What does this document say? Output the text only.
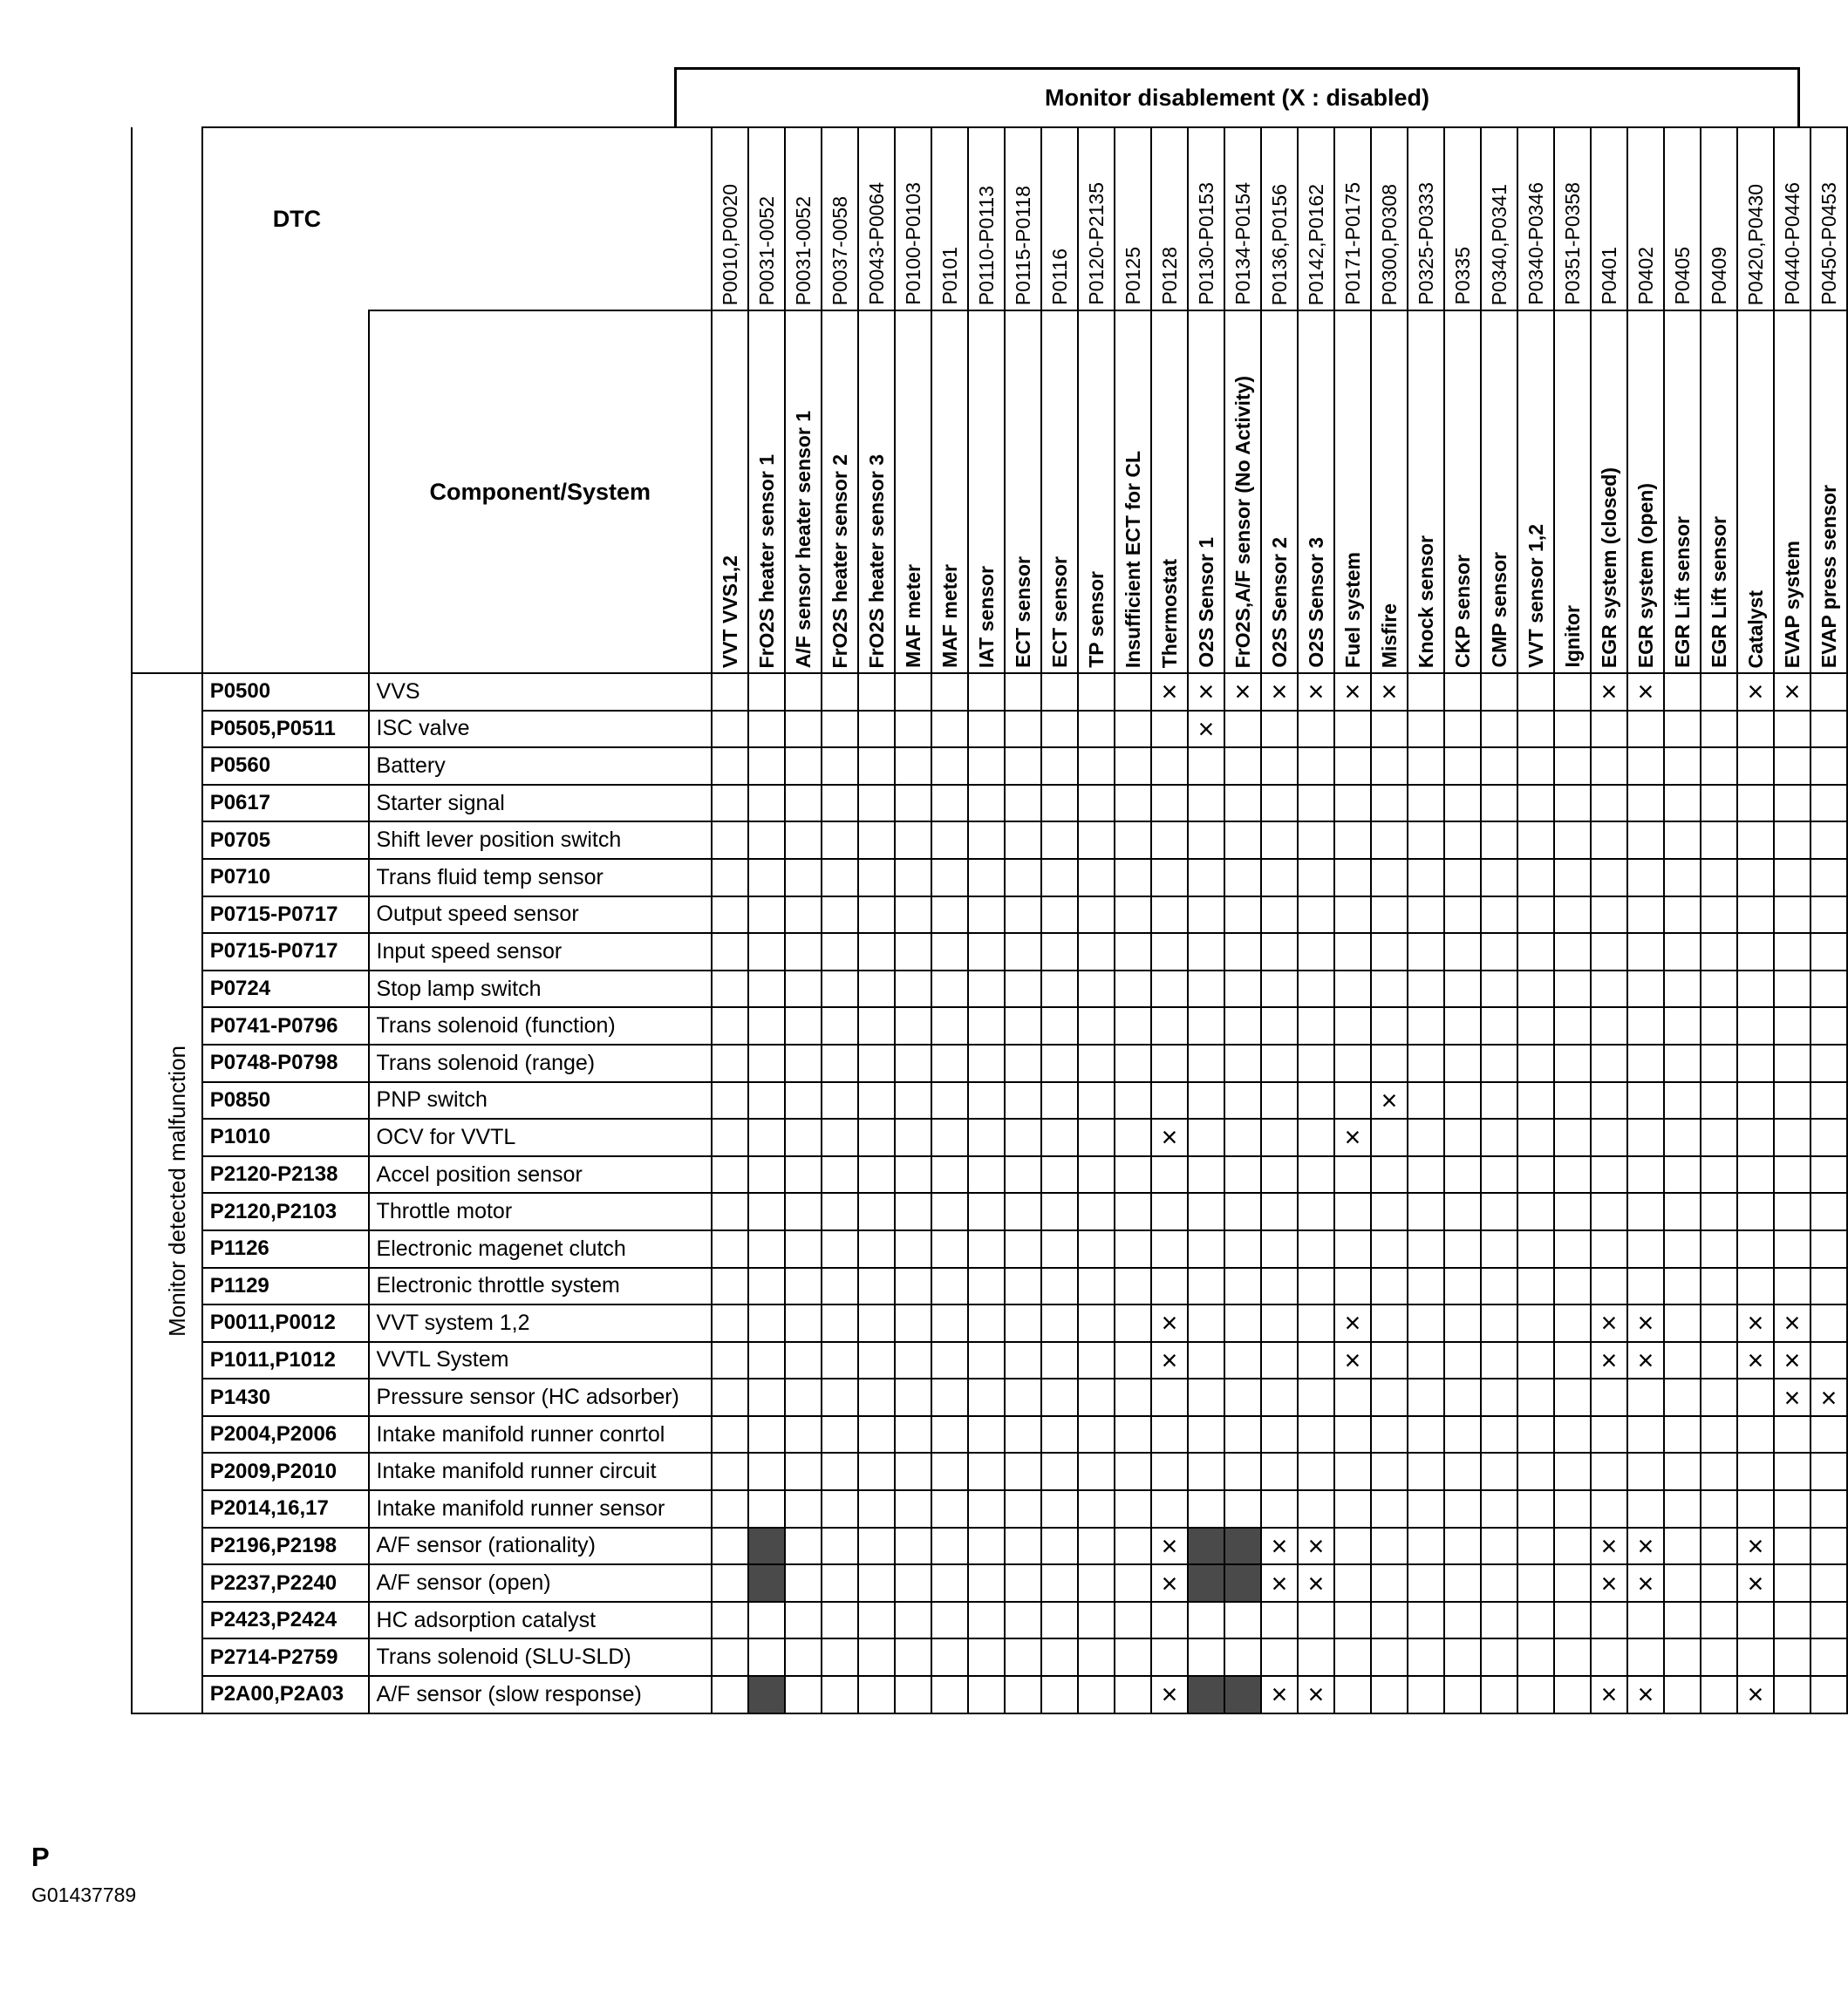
Monitor disablement (X : disabled)
	DTC		P0010,P0020	P0031-0052	P0031-0052	P0037-0058	P0043-P0064	P0100-P0103	P0101	P0110-P0113	P0115-P0118	P0116	P0120-P2135	P0125	P0128	P0130-P0153	P0134-P0154	P0136,P0156	P0142,P0162	P0171-P0175	P0300,P0308	P0325-P0333	P0335	P0340,P0341	P0340-P0346	P0351-P0358	P0401	P0402	P0405	P0409	P0420,P0430	P0440-P0446	P0450-P0453
		Component/System	VVT VVS1,2	FrO2S heater sensor 1	A/F sensor heater sensor 1	FrO2S heater sensor 2	FrO2S heater sensor 3	MAF meter	MAF meter	IAT sensor	ECT sensor	ECT sensor	TP sensor	Insufficient ECT for CL	Thermostat	O2S Sensor 1	FrO2S,A/F sensor (No Activity)	O2S Sensor 2	O2S Sensor 3	Fuel system	Misfire	Knock sensor	CKP sensor	CMP sensor	VVT sensor 1,2	Ignitor	EGR system (closed)	EGR system (open)	EGR Lift sensor	EGR Lift sensor	Catalyst	EVAP system	EVAP press sensor
Monitor detected malfunction	P0500	VVS													×	×	×	×	×	×	×						×	×			×	×	
	P0505,P0511	ISC valve														×																	
	P0560	Battery																															
	P0617	Starter signal																															
	P0705	Shift lever position switch																															
	P0710	Trans fluid temp sensor																															
	P0715-P0717	Output speed sensor																															
	P0715-P0717	Input speed sensor																															
	P0724	Stop lamp switch																															
	P0741-P0796	Trans solenoid (function)																															
	P0748-P0798	Trans solenoid (range)																															
	P0850	PNP switch																			×												
	P1010	OCV for VVTL													×					×													
	P2120-P2138	Accel position sensor																															
	P2120,P2103	Throttle motor																															
	P1126	Electronic magenet clutch																															
	P1129	Electronic throttle system																															
	P0011,P0012	VVT system 1,2													×					×							×	×			×	×	
	P1011,P1012	VVTL System													×					×							×	×			×	×	
	P1430	Pressure sensor (HC adsorber)																														×	×
	P2004,P2006	Intake manifold runner conrtol																															
	P2009,P2010	Intake manifold runner circuit																															
	P2014,16,17	Intake manifold runner sensor																															
	P2196,P2198	A/F sensor (rationality)													×			×	×								×	×			×		
	P2237,P2240	A/F sensor (open)													×			×	×								×	×			×		
	P2423,P2424	HC adsorption catalyst																															
	P2714-P2759	Trans solenoid (SLU-SLD)																															
	P2A00,P2A03	A/F sensor (slow response)													×			×	×								×	×			×		
P
G01437789
